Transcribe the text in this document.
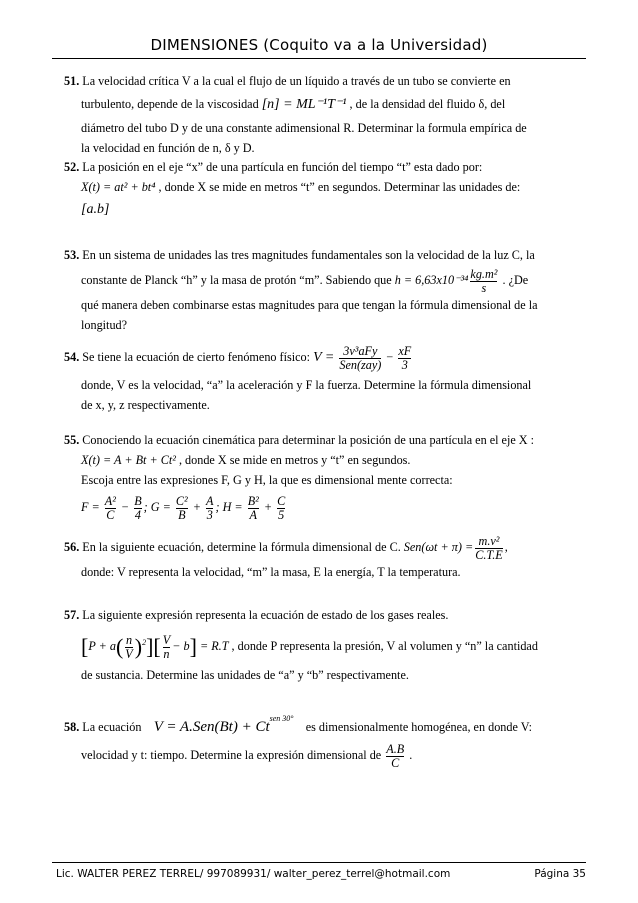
DIMENSIONES (Coquito va a la Universidad)
51. La velocidad crítica V a la cual el flujo de un líquido a través de un tubo se convierte en
turbulento, depende de la viscosidad [n] = ML⁻¹T⁻¹ , de la densidad del fluido δ, del
diámetro del tubo D y de una constante adimensional R. Determinar la formula empírica de
la velocidad en función de n, δ y D.
52. La posición en el eje “x” de una partícula en función del tiempo “t” esta dado por:
X(t) = at² + bt⁴ , donde X se mide en metros “t” en segundos. Determinar las unidades de:
[a.b]
53. En un sistema de unidades las tres magnitudes fundamentales son la velocidad de la luz C, la
constante de Planck “h” y la masa de protón “m”. Sabiendo que $h = 6,63x10^{-34} \frac{\text{kg.m²}}{s}$ . ¿De
qué manera deben combinarse estas magnitudes para que tengan la fórmula dimensional de la
longitud?
54. Se tiene la ecuación de cierto fenómeno físico: $V = \frac{\text{3v³aFy}}{\text{Sen(zay)}} - \frac{xF}{3}$
donde, V es la velocidad, “a” la aceleración y F la fuerza. Determine la fórmula dimensional
de x, y, z respectivamente.
55. Conociendo la ecuación cinemática para determinar la posición de una partícula en el eje X :
X(t) = A + Bt + Ct² , donde X se mide en metros y “t” en segundos.
Escoja entre las expresiones F, G y H, la que es dimensional mente correcta:
$F = \frac{\text{A²}}{C} - \frac{B}{4}$ ; $G = \frac{\text{C²}}{B} + \frac{A}{3}$ ; $H = \frac{\text{B²}}{A} + \frac{C}{5}$
56. En la siguiente ecuación, determine la fórmula dimensional de C. $Sen(\omega t + \pi) = \frac{\text{m.v²}}{C.T.E}$ ,
donde: V representa la velocidad, “m” la masa, E la energía, T la temperatura.
57. La siguiente expresión representa la ecuación de estado de los gases reales.
$[P + a( \frac{n}{V} )^2][ \frac{V}{n} - b] = R.T$ , donde P representa la presión, V al volumen y “n” la cantidad
de sustancia. Determine las unidades de “a” y “b” respectivamente.
58. La ecuación $V = A.Sen(Bt) + Ct^{sen 30^\circ}$    es dimensionalmente homogénea, en donde V:
velocidad y t: tiempo. Determine la expresión dimensional de $\frac{A.B}{C}$ .
Lic. WALTER PEREZ TERREL/ 997089931/ walter_perez_terrel@hotmail.com	Página 35
